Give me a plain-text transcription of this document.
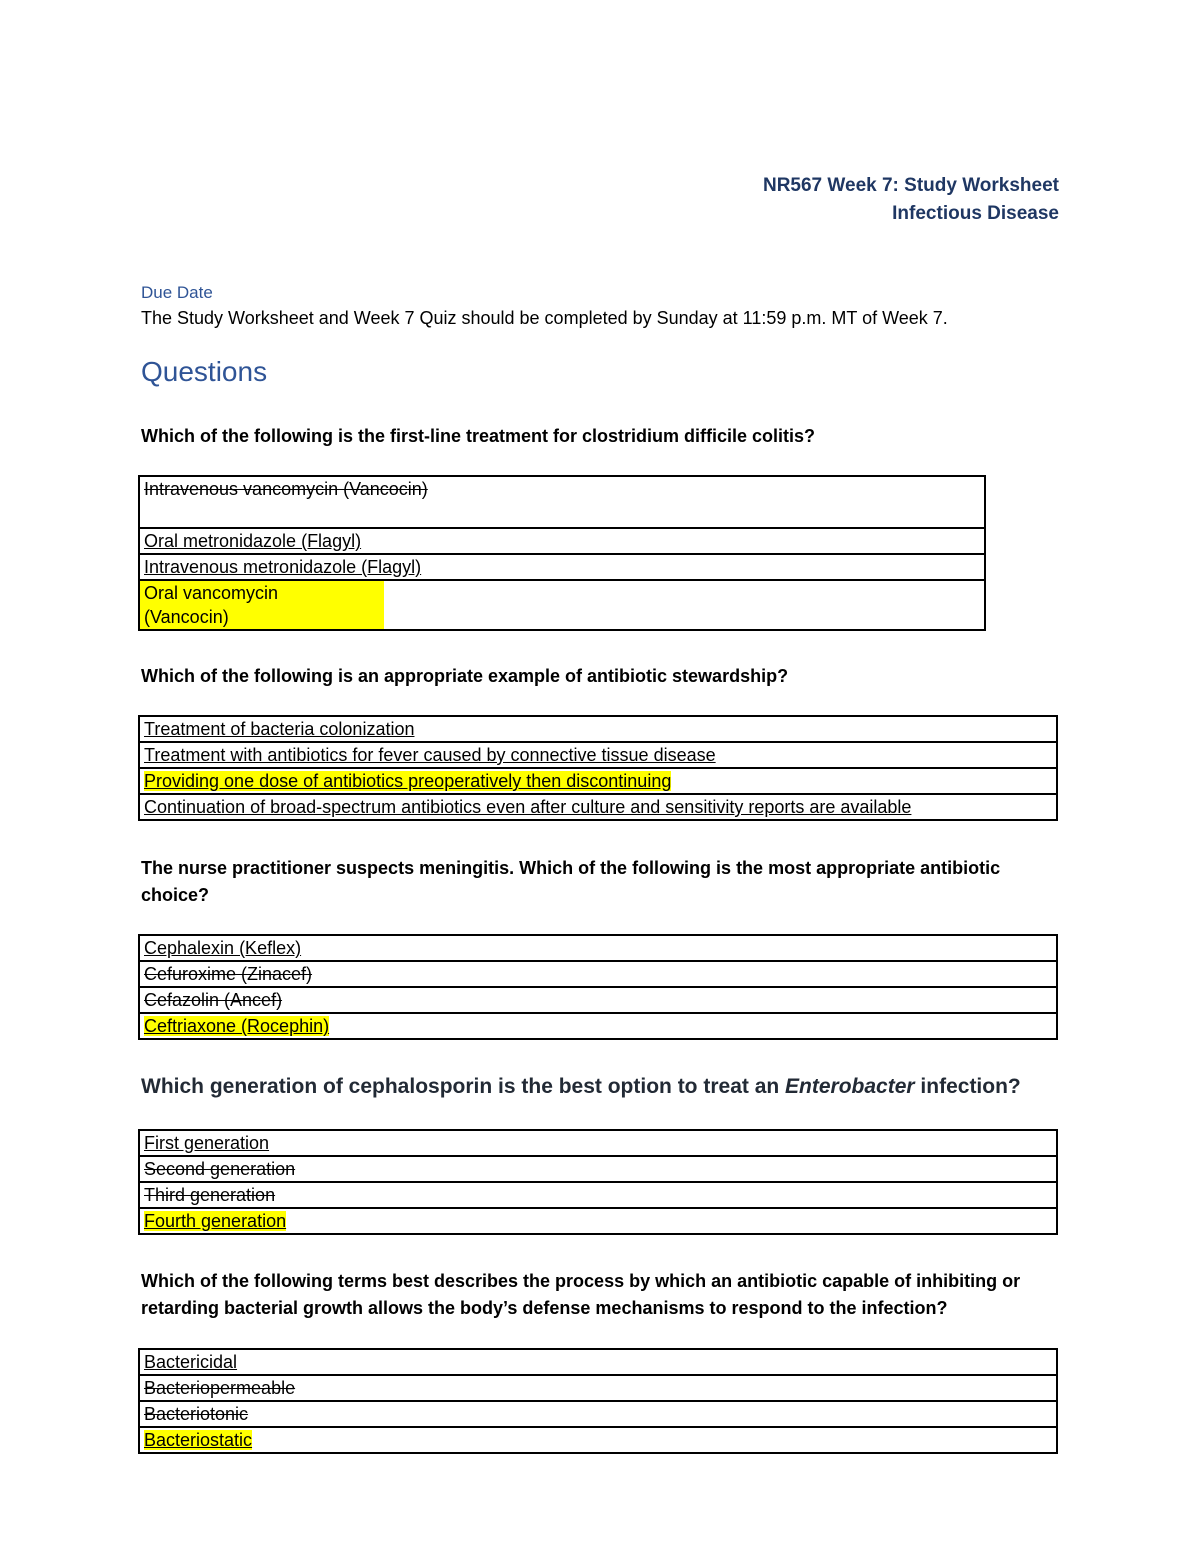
NR567 Week 7: Study Worksheet
Infectious Disease
Due Date
The Study Worksheet and Week 7 Quiz should be completed by Sunday at 11:59 p.m. MT of Week 7.
Questions
Which of the following is the first-line treatment for clostridium difficile colitis?
Intravenous vancomycin (Vancocin)
Oral metronidazole (Flagyl)
Intravenous metronidazole (Flagyl)
Oral vancomycin
(Vancocin)
Which of the following is an appropriate example of antibiotic stewardship?
Treatment of bacteria colonization
Treatment with antibiotics for fever caused by connective tissue disease
Providing one dose of antibiotics preoperatively then discontinuing
Continuation of broad-spectrum antibiotics even after culture and sensitivity reports are available
The nurse practitioner suspects meningitis. Which of the following is the most appropriate antibiotic
choice?
Cephalexin (Keflex)
Cefuroxime (Zinacef)
Cefazolin (Ancef)
Ceftriaxone (Rocephin)
Which generation of cephalosporin is the best option to treat an Enterobacter infection?
First generation
Second generation
Third generation
Fourth generation
Which of the following terms best describes the process by which an antibiotic capable of inhibiting or
retarding bacterial growth allows the body’s defense mechanisms to respond to the infection?
Bactericidal
Bacteriopermeable
Bacteriotonic
Bacteriostatic
